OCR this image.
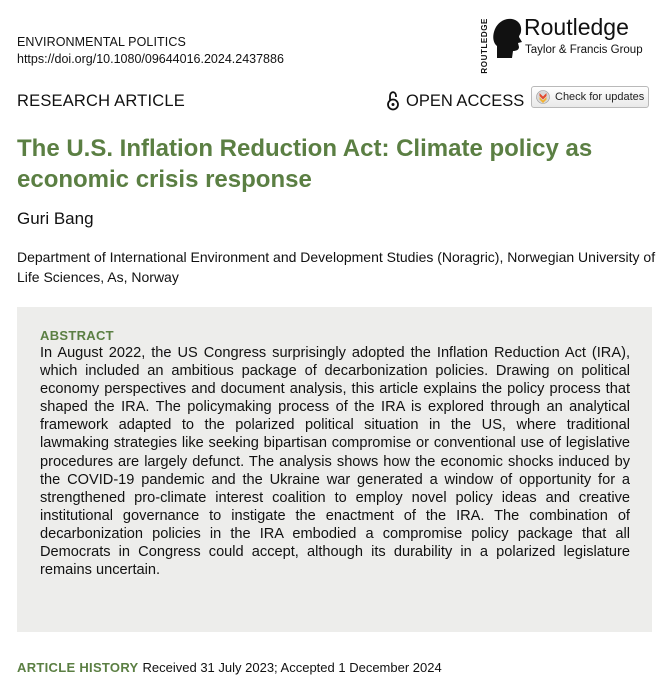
ENVIRONMENTAL POLITICS
https://doi.org/10.1080/09644016.2024.2437886	ROUTLEDGE Routledge
Taylor & Francis Group
RESEARCH ARTICLE	OPEN ACCESS	Check for updates
The U.S. Inflation Reduction Act: Climate policy as economic crisis response
Guri Bang
Department of International Environment and Development Studies (Noragric), Norwegian University of Life Sciences, As, Norway
ABSTRACT
In August 2022, the US Congress surprisingly adopted the Inflation Reduction Act (IRA), which included an ambitious package of decarbonization policies. Drawing on political economy perspectives and document analysis, this article explains the policy process that shaped the IRA. The policymaking process of the IRA is explored through an analytical framework adapted to the polarized political situation in the US, where traditional lawmaking strategies like seeking bipartisan compromise or conventional use of legislative procedures are largely defunct. The analysis shows how the economic shocks induced by the COVID-19 pandemic and the Ukraine war generated a window of opportunity for a strengthened pro-climate interest coalition to employ novel policy ideas and creative institutional governance to instigate the enactment of the IRA. The combination of decarbonization policies in the IRA embodied a compromise policy package that all Democrats in Congress could accept, although its durability in a polarized legislature remains uncertain.
ARTICLE HISTORY Received 31 July 2023; Accepted 1 December 2024
